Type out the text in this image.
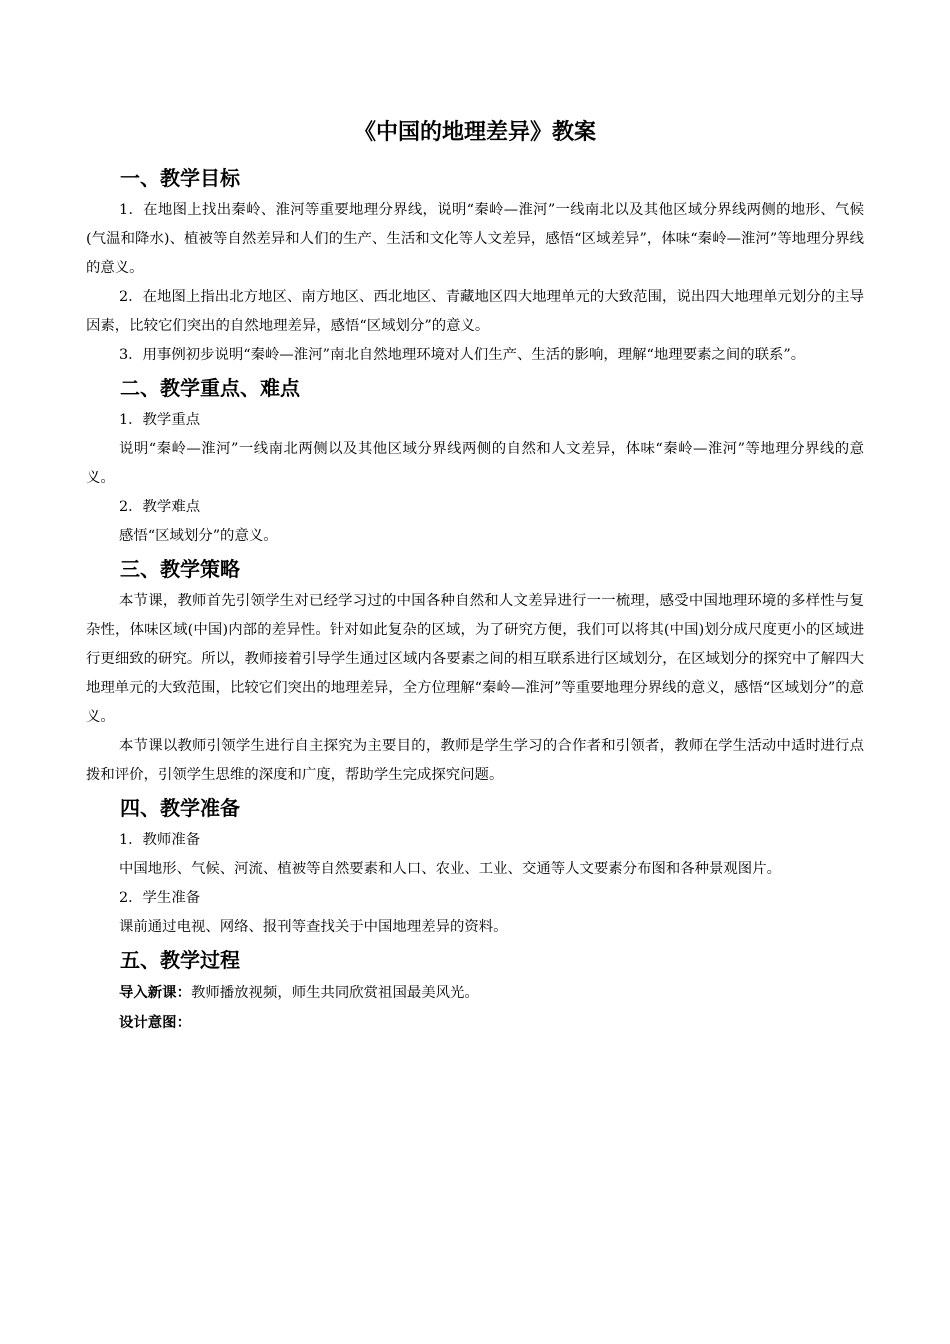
《中国的地理差异》教案
一、教学目标

1．在地图上找出秦岭、淮河等重要地理分界线，说明“秦岭—淮河”一线南北以及其他区域分界线两侧的地形、气候(气温和降水)、植被等自然差异和人们的生产、生活和文化等人文差异，感悟“区域差异”，体味“秦岭—淮河”等地理分界线的意义。

2．在地图上指出北方地区、南方地区、西北地区、青藏地区四大地理单元的大致范围，说出四大地理单元划分的主导因素，比较它们突出的自然地理差异，感悟“区域划分”的意义。

3．用事例初步说明“秦岭—淮河”南北自然地理环境对人们生产、生活的影响，理解“地理要素之间的联系”。

二、教学重点、难点

1．教学重点

说明“秦岭—淮河”一线南北两侧以及其他区域分界线两侧的自然和人文差异，体味“秦岭—淮河”等地理分界线的意义。

2．教学难点

感悟“区域划分”的意义。

三、教学策略

本节课，教师首先引领学生对已经学习过的中国各种自然和人文差异进行一一梳理，感受中国地理环境的多样性与复杂性，体味区域(中国)内部的差异性。针对如此复杂的区域，为了研究方便，我们可以将其(中国)划分成尺度更小的区域进行更细致的研究。所以，教师接着引导学生通过区域内各要素之间的相互联系进行区域划分，在区域划分的探究中了解四大地理单元的大致范围，比较它们突出的地理差异，全方位理解“秦岭—淮河”等重要地理分界线的意义，感悟“区域划分”的意义。

本节课以教师引领学生进行自主探究为主要目的，教师是学生学习的合作者和引领者，教师在学生活动中适时进行点拨和评价，引领学生思维的深度和广度，帮助学生完成探究问题。

四、教学准备

1．教师准备

中国地形、气候、河流、植被等自然要素和人口、农业、工业、交通等人文要素分布图和各种景观图片。

2．学生准备

课前通过电视、网络、报刊等查找关于中国地理差异的资料。

五、教学过程

导入新课：教师播放视频，师生共同欣赏祖国最美风光。

设计意图：
